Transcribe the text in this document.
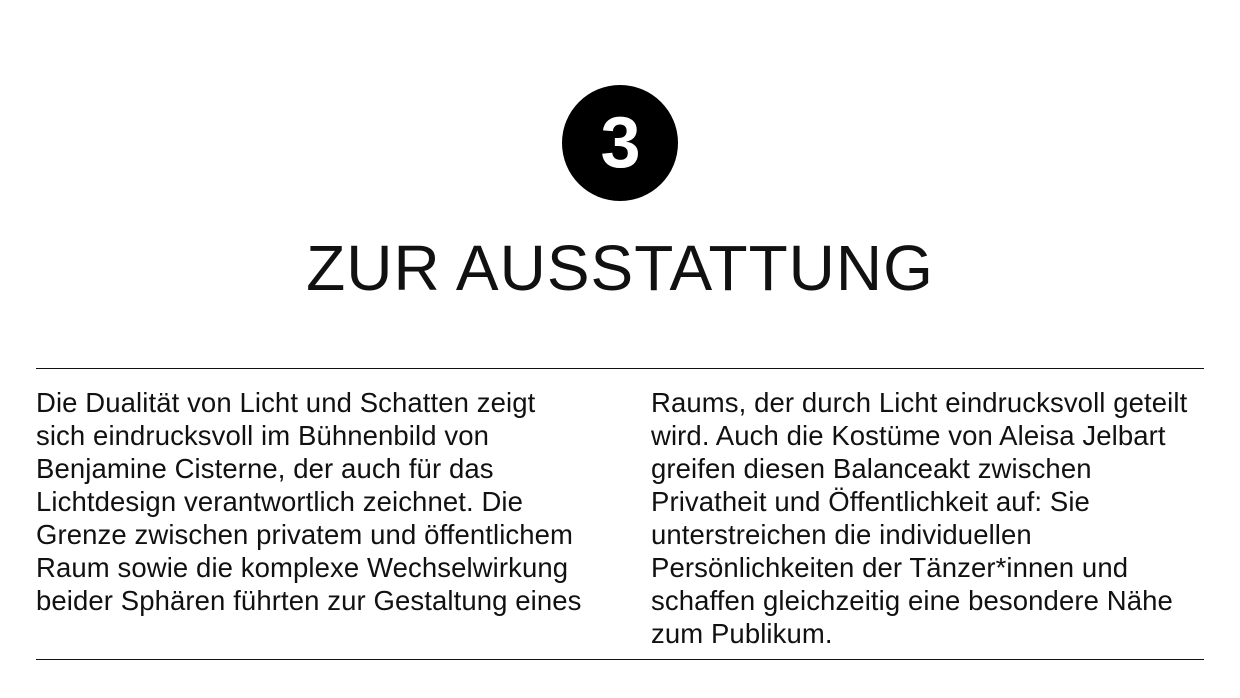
3
ZUR AUSSTATTUNG

Die Dualität von Licht und Schatten zeigt sich eindrucksvoll im Bühnenbild von Benjamine Cisterne, der auch für das Lichtdesign verantwortlich zeichnet. Die Grenze zwischen privatem und öffentlichem Raum sowie die komplexe Wechselwirkung beider Sphären führten zur Gestaltung eines

Raums, der durch Licht eindrucksvoll geteilt wird. Auch die Kostüme von Aleisa Jelbart greifen diesen Balanceakt zwischen Privatheit und Öffentlichkeit auf: Sie unterstreichen die individuellen Persönlichkeiten der Tänzer*innen und schaffen gleichzeitig eine besondere Nähe zum Publikum.
